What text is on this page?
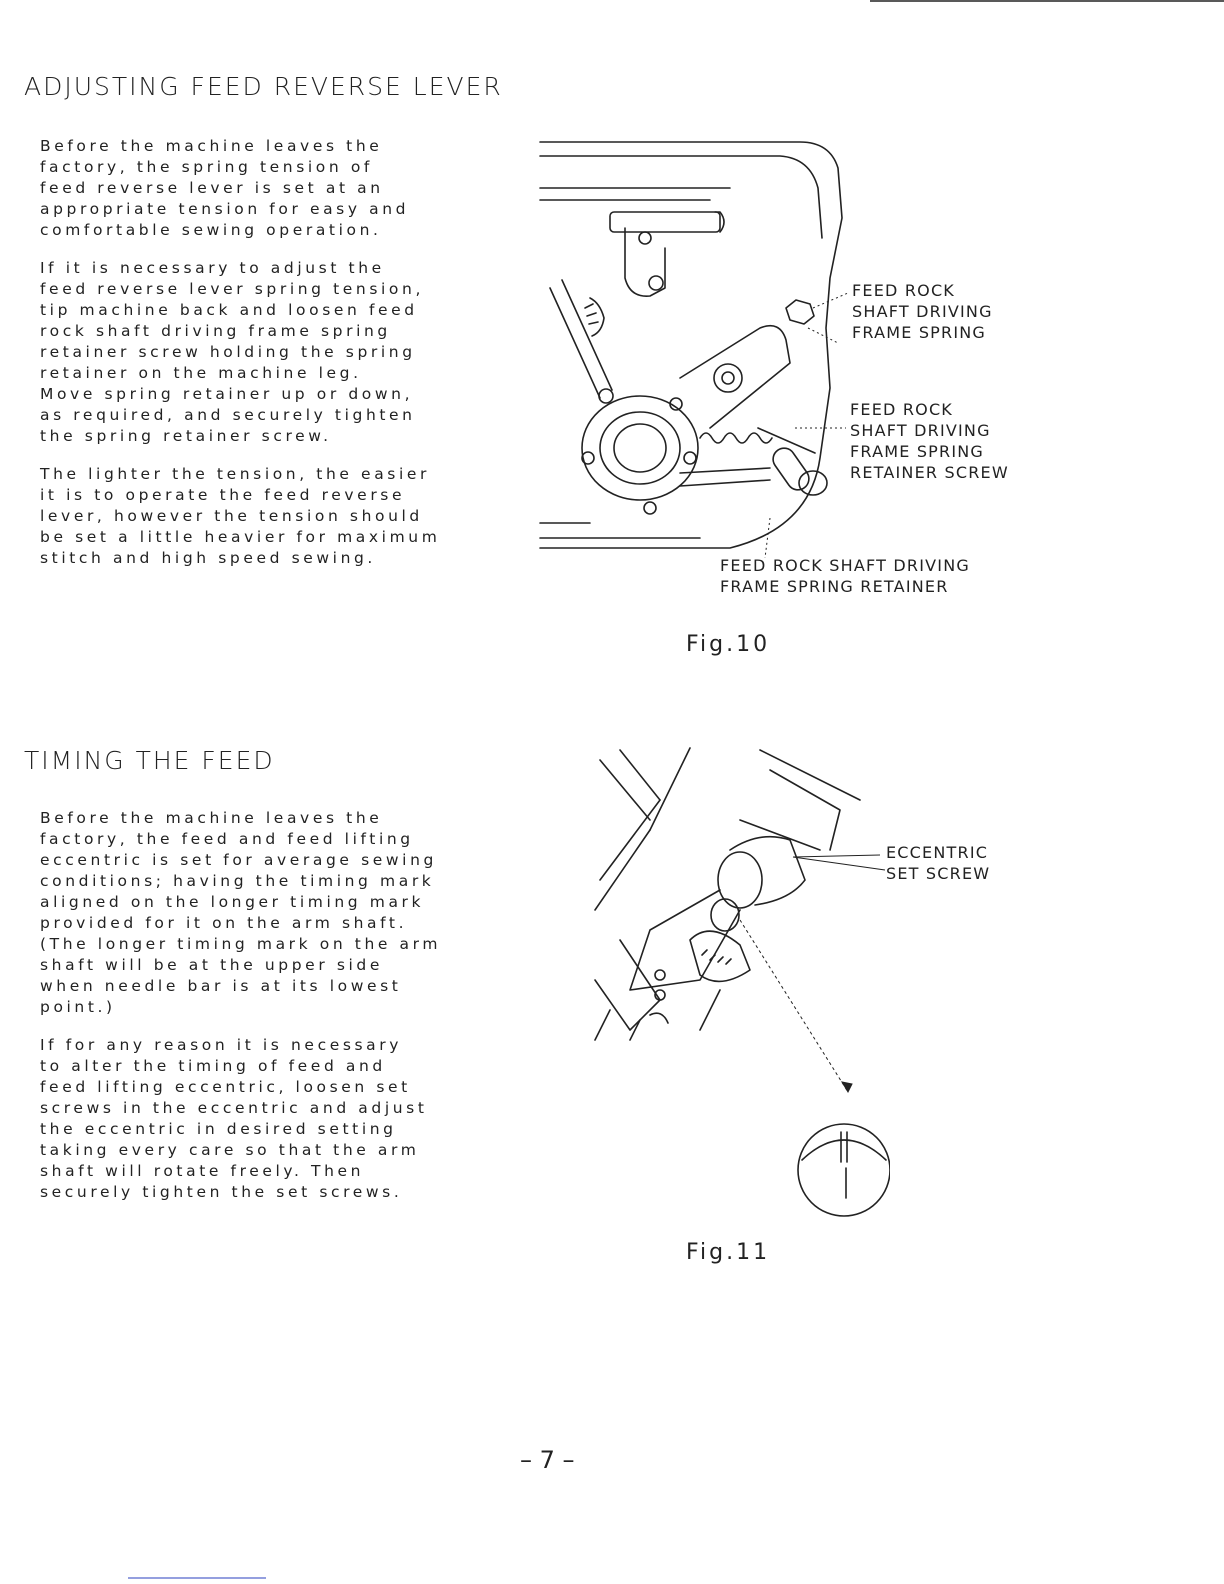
ADJUSTING FEED REVERSE LEVER

Before the machine leaves the

factory, the spring tension of

feed reverse lever is set at an

appropriate tension for easy and

comfortable sewing operation.

If it is necessary to adjust the

feed reverse lever spring tension,

tip machine back and loosen feed

rock shaft driving frame spring

retainer screw holding the spring

retainer on the machine leg.

Move spring retainer up or down,

as required, and securely tighten

the spring retainer screw.

The lighter the tension, the easier

it is to operate the feed reverse

lever, however the tension should

be set a little heavier for maximum

stitch and high speed sewing.

FEED ROCK
SHAFT DRIVING
FRAME SPRING
FEED ROCK
SHAFT DRIVING
FRAME SPRING
RETAINER SCREW
FEED ROCK SHAFT DRIVING
FRAME SPRING RETAINER
Fig.10
TIMING THE FEED

Before the machine leaves the

factory, the feed and feed lifting

eccentric is set for average sewing

conditions; having the timing mark

aligned on the longer timing mark

provided for it on the arm shaft.

(The longer timing mark on the arm

shaft will be at the upper side

when needle bar is at its lowest

point.)

If for any reason it is necessary

to alter the timing of feed and

feed lifting eccentric, loosen set

screws in the eccentric and adjust

the eccentric in desired setting

taking every care so that the arm

shaft will rotate freely. Then

securely tighten the set screws.

ECCENTRIC
SET SCREW
Fig.11
– 7 –
